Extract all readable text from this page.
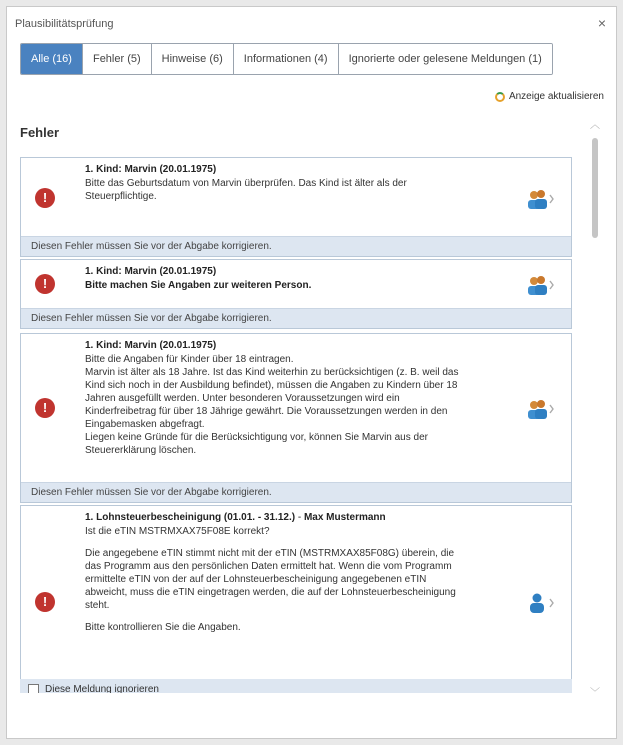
Plausibilitätsprüfung	×
Alle (16)	Fehler (5)	Hinweise (6)	Informationen (4)	Ignorierte oder gelesene Meldungen (1)
Anzeige aktualisieren
Fehler
!
1. Kind: Marvin (20.01.1975)
Bitte das Geburtsdatum von Marvin überprüfen. Das Kind ist älter als der
Steuerpflichtige.
Diesen Fehler müssen Sie vor der Abgabe korrigieren.
!
1. Kind: Marvin (20.01.1975)
Bitte machen Sie Angaben zur weiteren Person.
Diesen Fehler müssen Sie vor der Abgabe korrigieren.
!
1. Kind: Marvin (20.01.1975)
Bitte die Angaben für Kinder über 18 eintragen.
Marvin ist älter als 18 Jahre. Ist das Kind weiterhin zu berücksichtigen (z. B. weil das
Kind sich noch in der Ausbildung befindet), müssen die Angaben zu Kindern über 18
Jahren ausgefüllt werden. Unter besonderen Voraussetzungen wird ein
Kinderfreibetrag für über 18 Jährige gewährt. Die Voraussetzungen werden in den
Eingabemasken abgefragt.
Liegen keine Gründe für die Berücksichtigung vor, können Sie Marvin aus der
Steuererklärung löschen.
Diesen Fehler müssen Sie vor der Abgabe korrigieren.
!
1. Lohnsteuerbescheinigung (01.01. - 31.12.) - Max Mustermann
Ist die eTIN MSTRMXAX75F08E korrekt?
Die angegebene eTIN stimmt nicht mit der eTIN (MSTRMXAX85F08G) überein, die
das Programm aus den persönlichen Daten ermittelt hat. Wenn die vom Programm
ermittelte eTIN von der auf der Lohnsteuerbescheinigung angegebenen eTIN
abweicht, muss die eTIN eingetragen werden, die auf der Lohnsteuerbescheinigung
steht.
Bitte kontrollieren Sie die Angaben.
Diese Meldung ignorieren
︿
﹀
